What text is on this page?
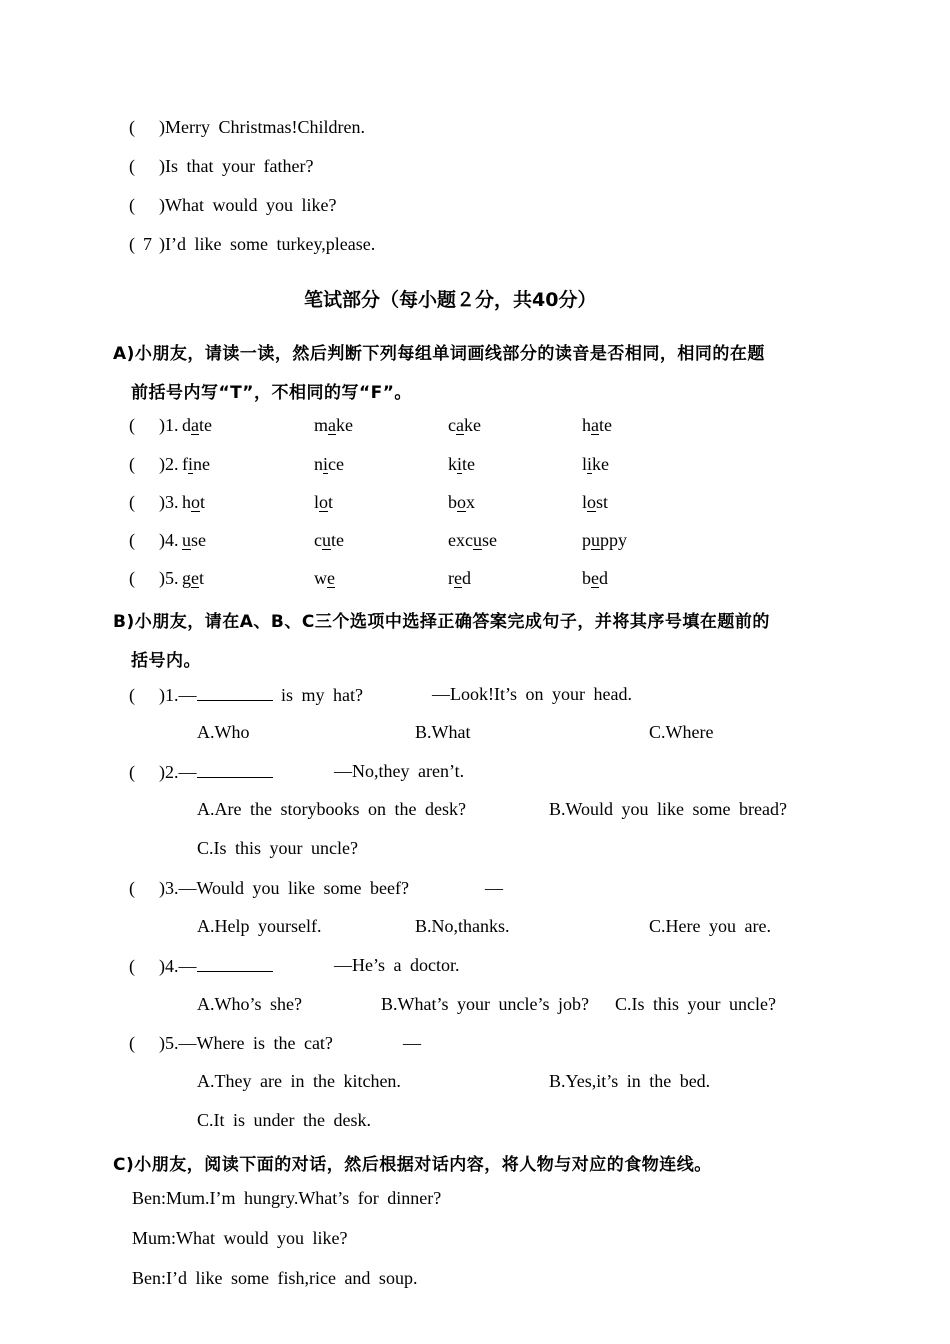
( )Merry Christmas!Children.
( )Is that your father?
( )What would you like?
( 7 )I’d like some turkey,please.
笔试部分（每小题２分，共40分）
A)小朋友，请读一读，然后判断下列每组单词画线部分的读音是否相同，相同的在题
前括号内写“T”，不相同的写“F”。
( )1. date	make	cake	hate
( )2. fine	nice	kite	like
( )3. hot	lot	box	lost
( )4. use	cute	excuse	puppy
( )5. get	we	red	bed
B)小朋友，请在A、B、C三个选项中选择正确答案完成句子，并将其序号填在题前的
括号内。
( )1.—	is my hat?	—Look!It’s on your head.
A.Who	B.What	C.Where
( )2.—	—No,they aren’t.
A.Are the storybooks on the desk?	B.Would you like some bread?
C.Is this your uncle?
( )3.—Would you like some beef?	—
A.Help yourself.	B.No,thanks.	C.Here you are.
( )4.—	—He’s a doctor.
A.Who’s she?	B.What’s your uncle’s job? C.Is this your uncle?
( )5.—Where is the cat?	—
A.They are in the kitchen.	B.Yes,it’s in the bed.
C.It is under the desk.
C)小朋友，阅读下面的对话，然后根据对话内容，将人物与对应的食物连线。
Ben:Mum.I’m hungry.What’s for dinner?
Mum:What would you like?
Ben:I’d like some fish,rice and soup.
